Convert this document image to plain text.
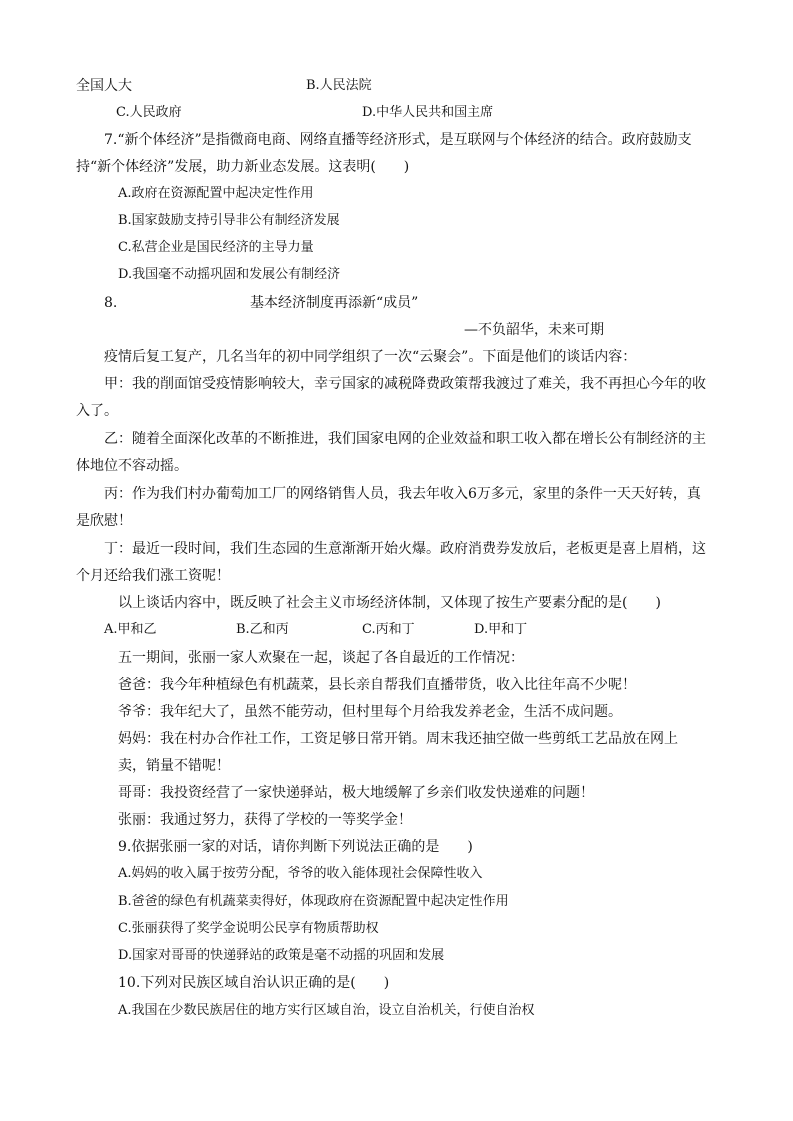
全国人大	B.人民法院
C.人民政府	D.中华人民共和国主席
7.“新个体经济”是指微商电商、网络直播等经济形式，是互联网与个体经济的结合。政府鼓励支
持“新个体经济”发展，助力新业态发展。这表明(　　)
A.政府在资源配置中起决定性作用
B.国家鼓励支持引导非公有制经济发展
C.私营企业是国民经济的主导力量
D.我国毫不动摇巩固和发展公有制经济
8.	基本经济制度再添新“成员”
—不负韶华，未来可期
疫情后复工复产，几名当年的初中同学组织了一次“云聚会”。下面是他们的谈话内容：
甲：我的削面馆受疫情影响较大，幸亏国家的减税降费政策帮我渡过了难关，我不再担心今年的收
入了。
乙：随着全面深化改革的不断推进，我们国家电网的企业效益和职工收入都在增长公有制经济的主
体地位不容动摇。
丙：作为我们村办葡萄加工厂的网络销售人员，我去年收入6万多元，家里的条件一天天好转，真
是欣慰！
丁：最近一段时间，我们生态园的生意渐渐开始火爆。政府消费券发放后，老板更是喜上眉梢，这
个月还给我们涨工资呢！
以上谈话内容中，既反映了社会主义市场经济体制，又体现了按生产要素分配的是(　　)
A.甲和乙	B.乙和丙	C.丙和丁	D.甲和丁
五一期间，张丽一家人欢聚在一起，谈起了各自最近的工作情况：
爸爸：我今年种植绿色有机蔬菜，县长亲自帮我们直播带货，收入比往年高不少呢！
爷爷：我年纪大了，虽然不能劳动，但村里每个月给我发养老金，生活不成问题。
妈妈：我在村办合作社工作，工资足够日常开销。周末我还抽空做一些剪纸工艺品放在网上
卖，销量不错呢！
哥哥：我投资经营了一家快递驿站，极大地缓解了乡亲们收发快递难的问题！
张丽：我通过努力，获得了学校的一等奖学金！
9.依据张丽一家的对话，请你判断下列说法正确的是　　)
A.妈妈的收入属于按劳分配，爷爷的收入能体现社会保障性收入
B.爸爸的绿色有机蔬菜卖得好，体现政府在资源配置中起决定性作用
C.张丽获得了奖学金说明公民享有物质帮助权
D.国家对哥哥的快递驿站的政策是毫不动摇的巩固和发展
10.下列对民族区域自治认识正确的是(　　)
A.我国在少数民族居住的地方实行区域自治，设立自治机关，行使自治权
